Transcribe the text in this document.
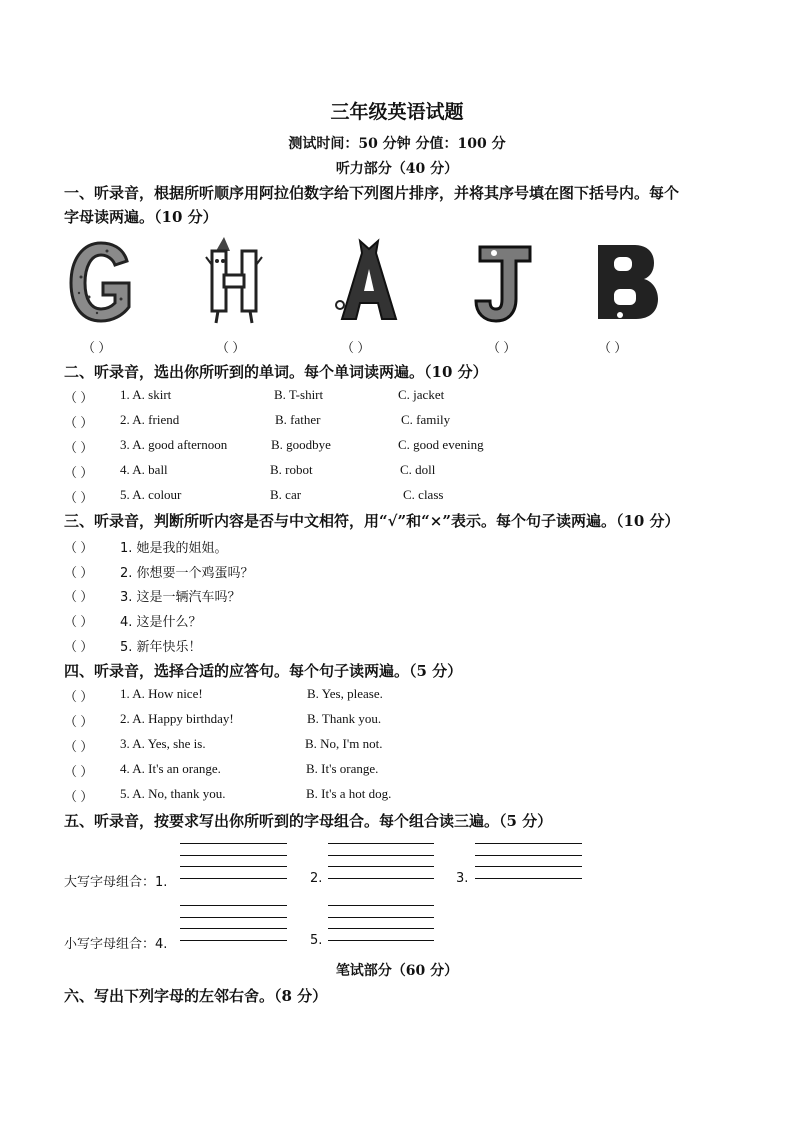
三年级英语试题
测试时间：50 分钟 分值：100 分
听力部分（40 分）
一、听录音，根据所听顺序用阿拉伯数字给下列图片排序，并将其序号填在图下括号内。每个
字母读两遍。（10 分）
（ ）	（ ）	（ ）	（ ）	（ ）
二、听录音，选出你所听到的单词。每个单词读两遍。（10 分）
（ ） 1. A. skirt	B. T-shirt	C. jacket
（ ） 2. A. friend	B. father	C. family
（ ） 3. A. good afternoon	B. goodbye	C. good evening
（ ） 4. A. ball	B. robot	C. doll
（ ） 5. A. colour	B. car	C. class
三、听录音，判断所听内容是否与中文相符，用“√”和“×”表示。每个句子读两遍。（10 分）
（ ） 1. 她是我的姐姐。
（ ） 2. 你想要一个鸡蛋吗？
（ ） 3. 这是一辆汽车吗？
（ ） 4. 这是什么？
（ ） 5. 新年快乐！
四、听录音，选择合适的应答句。每个句子读两遍。（5 分）
（ ） 1. A. How nice!	B. Yes, please.
（ ） 2. A. Happy birthday!	B. Thank you.
（ ） 3. A. Yes, she is.	B. No, I'm not.
（ ） 4. A. It's an orange.	B. It's orange.
（ ） 5. A. No, thank you.	B. It's a hot dog.
五、听录音，按要求写出你所听到的字母组合。每个组合读三遍。（5 分）
大写字母组合：1.	2.	3.
小写字母组合：4.	5.
笔试部分（60 分）
六、写出下列字母的左邻右舍。（8 分）
